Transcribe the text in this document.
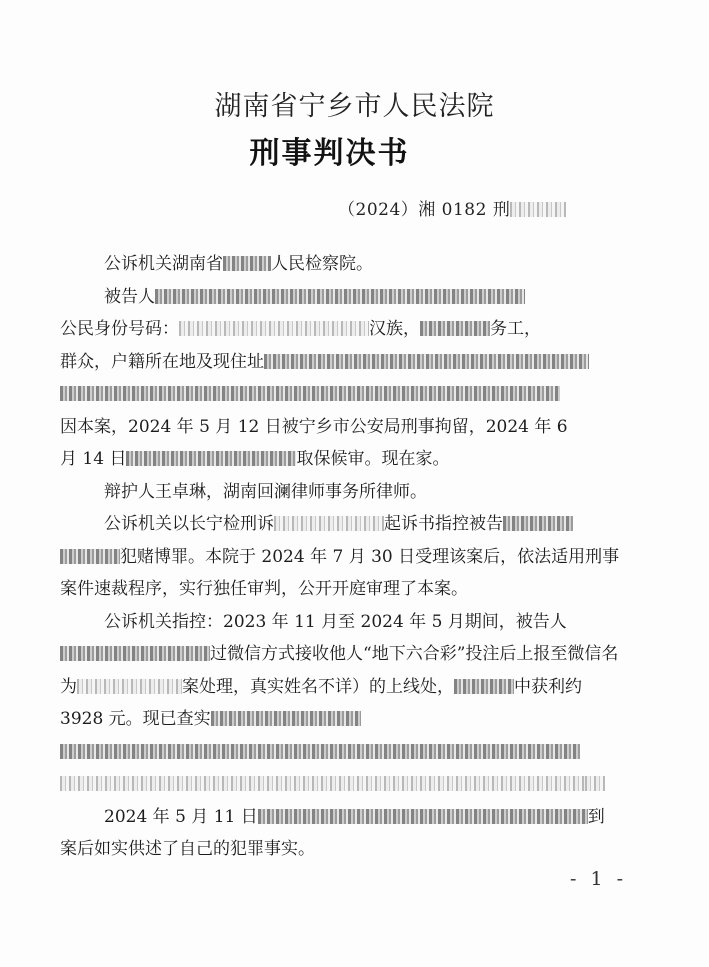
湖南省宁乡市人民法院
刑事判决书
（2024）湘 0182 刑

公诉机关湖南省	人民检察院。

被告人

公民身份号码：	汉族，	务工，

群众，户籍所在地及现住址

因本案，2024 年 5 月 12 日被宁乡市公安局刑事拘留，2024 年 6

月 14 日	取保候审。现在家。

辩护人王卓琳，湖南回澜律师事务所律师。

公诉机关以长宁检刑诉	起诉书指控被告犯赌博罪。本院于 2024 年 7 月 30 日受理该案后，依法适用刑事案件速裁程序，实行独任审判，公开开庭审理了本案。

公诉机关指控：2023 年 11 月至 2024 年 5 月期间，被告人过微信方式接收他人“地下六合彩”投注后上报至微信名为	案处理，真实姓名不详）的上线处，	中获利约 3928 元。现已查实

2024 年 5 月 11 日	到案后如实供述了自己的犯罪事实。

- 1 -
